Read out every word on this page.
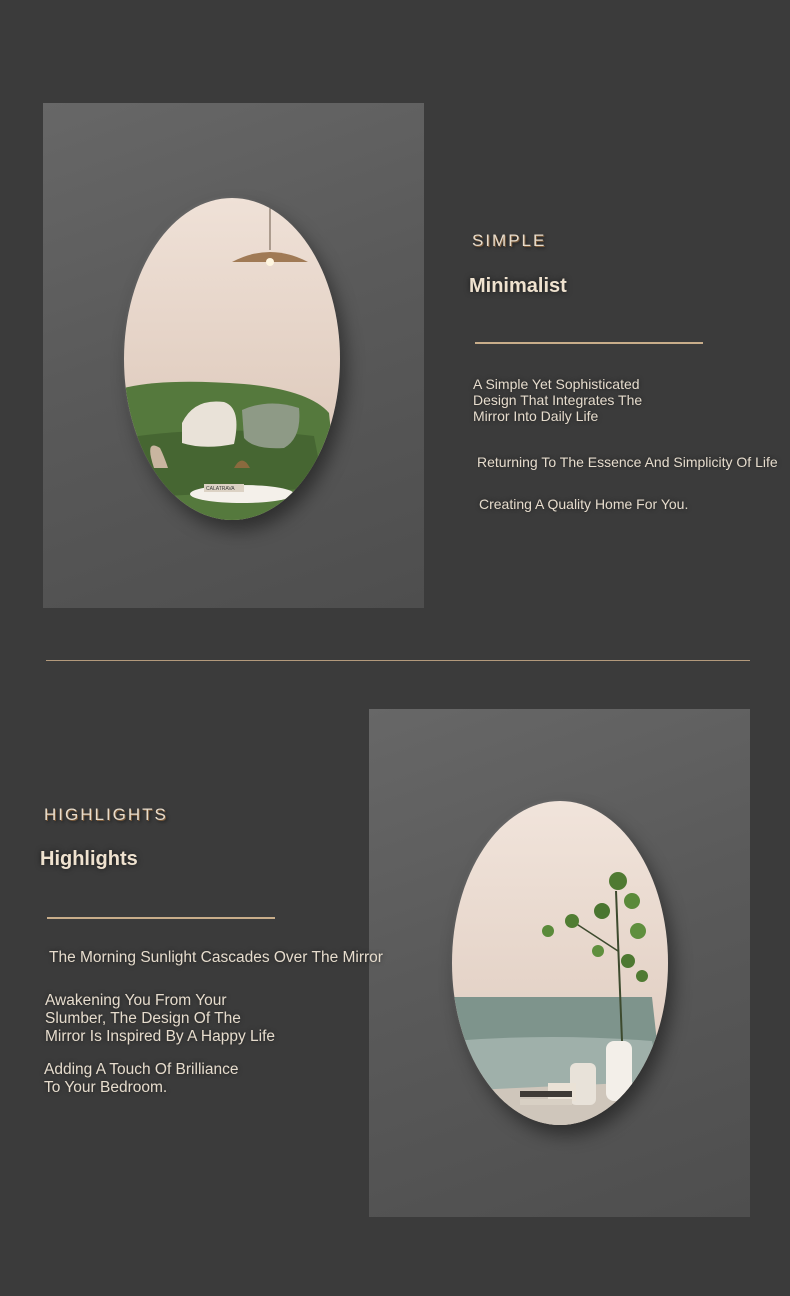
CALATRAVA
SIMPLE
Minimalist
A Simple Yet Sophisticated
Design That Integrates The
Mirror Into Daily Life
Returning To The Essence And Simplicity Of Life
Creating A Quality Home For You.
HIGHLIGHTS
Highlights
The Morning Sunlight Cascades Over The Mirror
Awakening You From Your
Slumber, The Design Of The
Mirror Is Inspired By A Happy Life
Adding A Touch Of Brilliance
To Your Bedroom.
